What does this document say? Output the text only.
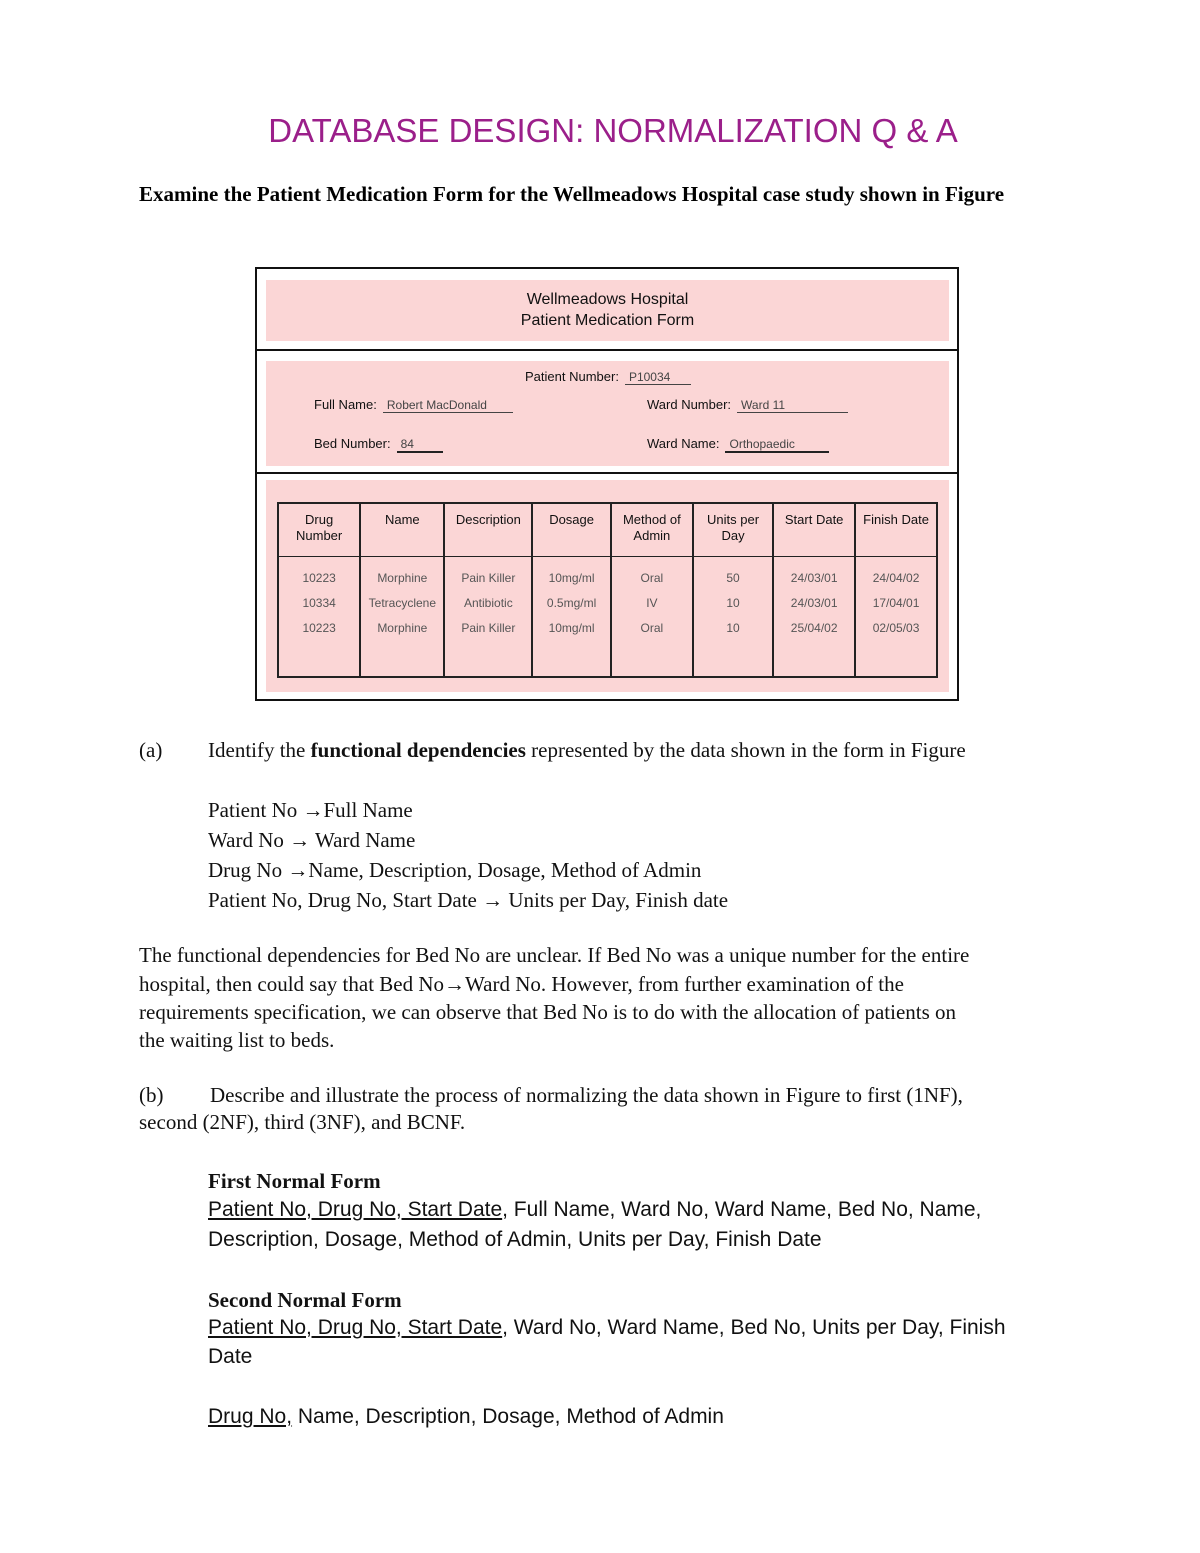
DATABASE DESIGN: NORMALIZATION Q & A
Examine the Patient Medication Form for the Wellmeadows Hospital case study shown in Figure
Wellmeadows Hospital
Patient Medication Form
Patient Number: P10034
Full Name: Robert MacDonald	Ward Number: Ward 11
Bed Number: 84	Ward Name: Orthopaedic
Drug Number	Name	Description	Dosage	Method of Admin	Units per Day	Start Date	Finish Date
10223	Morphine	Pain Killer	10mg/ml	Oral	50	24/03/01	24/04/02
10334	Tetracyclene	Antibiotic	0.5mg/ml	IV	10	24/03/01	17/04/01
10223	Morphine	Pain Killer	10mg/ml	Oral	10	25/04/02	02/05/03

(a) Identify the functional dependencies represented by the data shown in the form in Figure

Patient No →Full Name

Ward No → Ward Name

Drug No →Name, Description, Dosage, Method of Admin

Patient No, Drug No, Start Date → Units per Day, Finish date

The functional dependencies for Bed No are unclear. If Bed No was a unique number for the entire

hospital, then could say that Bed No→Ward No. However, from further examination of the

requirements specification, we can observe that Bed No is to do with the allocation of patients on

the waiting list to beds.

(b) Describe and illustrate the process of normalizing the data shown in Figure to first (1NF),

second (2NF), third (3NF), and BCNF.

First Normal Form

Patient No, Drug No, Start Date, Full Name, Ward No, Ward Name, Bed No, Name,

Description, Dosage, Method of Admin, Units per Day, Finish Date

Second Normal Form

Patient No, Drug No, Start Date, Ward No, Ward Name, Bed No, Units per Day, Finish

Date

Drug No, Name, Description, Dosage, Method of Admin
